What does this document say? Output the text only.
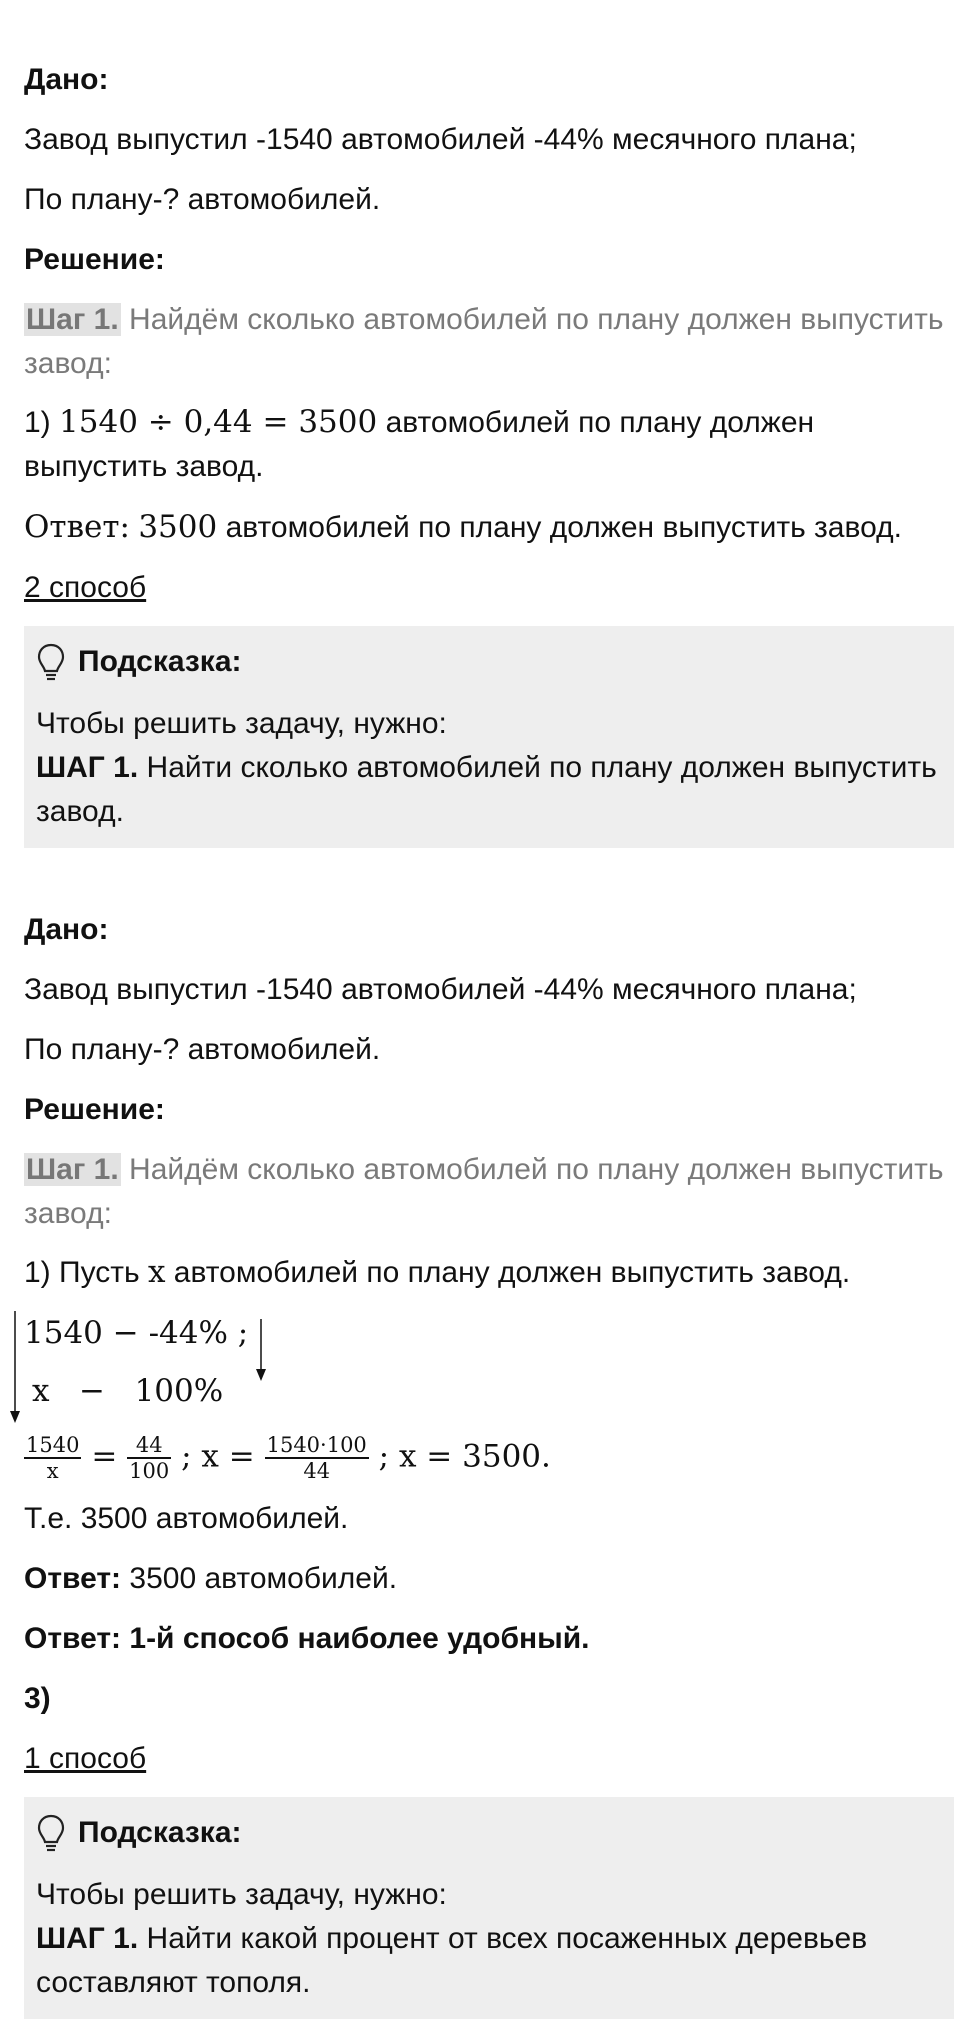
Дано:

Завод выпустил -1540 автомобилей -44% месячного плана;

По плану-? автомобилей.

Решение:

Шаг 1. Найдём сколько автомобилей по плану должен выпустить завод:

1) 1540 ÷ 0,44 = 3500 автомобилей по плану должен выпустить завод.

Ответ: 3500 автомобилей по плану должен выпустить завод.

2 способ

Подсказка:

Чтобы решить задачу, нужно:

ШАГ 1. Найти сколько автомобилей по плану должен выпустить завод.

Дано:

Завод выпустил -1540 автомобилей -44% месячного плана;

По плану-? автомобилей.

Решение:

Шаг 1. Найдём сколько автомобилей по плану должен выпустить завод:

1) Пусть x автомобилей по плану должен выпустить завод.

1540 − -44% ;
x   −   100%

$\frac{1540}{x} = \frac{44}{100}$ ; $x = \frac{1540\cdot 100}{44}$ ; x = 3500.

Т.е. 3500 автомобилей.

Ответ: 3500 автомобилей.

Ответ: 1-й способ наиболее удобный.

3)

1 способ

Подсказка:

Чтобы решить задачу, нужно:

ШАГ 1. Найти какой процент от всех посаженных деревьев составляют тополя.
